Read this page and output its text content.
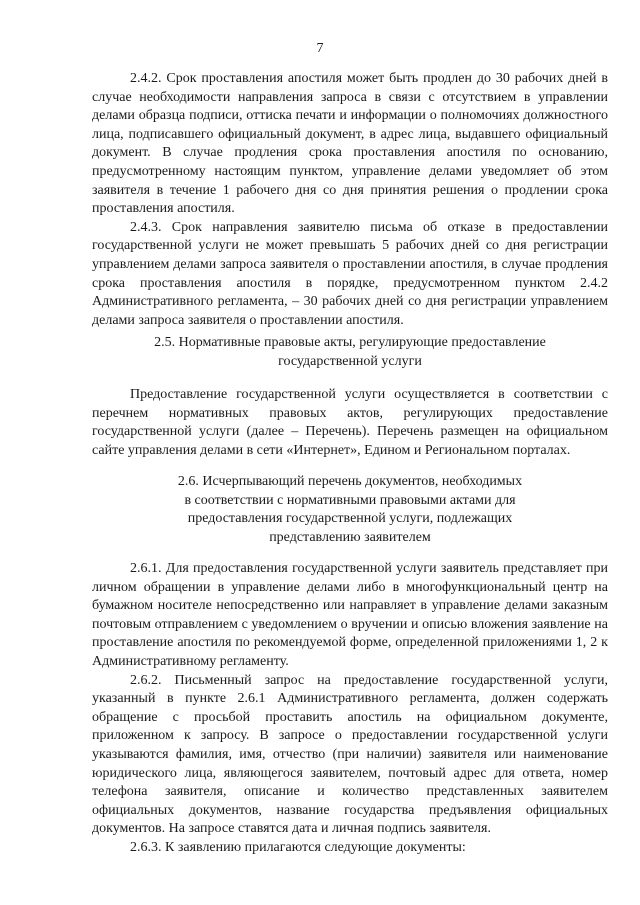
7

2.4.2. Срок проставления апостиля может быть продлен до 30 рабочих дней в случае необходимости направления запроса в связи с отсутствием в управлении делами образца подписи, оттиска печати и информации о полномочиях должностного лица, подписавшего официальный документ, в адрес лица, выдавшего официальный документ. В случае продления срока проставления апостиля по основанию, предусмотренному настоящим пунктом, управление делами уведомляет об этом заявителя в течение 1 рабочего дня со дня принятия решения о продлении срока проставления апостиля.

2.4.3. Срок направления заявителю письма об отказе в предоставлении государственной услуги не может превышать 5 рабочих дней со дня регистрации управлением делами запроса заявителя о проставлении апостиля, в случае продления срока проставления апостиля в порядке, предусмотренном пунктом 2.4.2 Административного регламента, – 30 рабочих дней со дня регистрации управлением делами запроса заявителя о проставлении апостиля.

2.5. Нормативные правовые акты, регулирующие предоставление
государственной услуги

Предоставление государственной услуги осуществляется в соответствии с перечнем нормативных правовых актов, регулирующих предоставление государственной услуги (далее – Перечень). Перечень размещен на официальном сайте управления делами в сети «Интернет», Едином и Региональном порталах.

2.6. Исчерпывающий перечень документов, необходимых
в соответствии с нормативными правовыми актами для
предоставления государственной услуги, подлежащих
представлению заявителем

2.6.1. Для предоставления государственной услуги заявитель представляет при личном обращении в управление делами либо в многофункциональный центр на бумажном носителе непосредственно или направляет в управление делами заказным почтовым отправлением с уведомлением о вручении и описью вложения заявление на проставление апостиля по рекомендуемой форме, определенной приложениями 1, 2 к Административному регламенту.

2.6.2. Письменный запрос на предоставление государственной услуги, указанный в пункте 2.6.1 Административного регламента, должен содержать обращение с просьбой проставить апостиль на официальном документе, приложенном к запросу. В запросе о предоставлении государственной услуги указываются фамилия, имя, отчество (при наличии) заявителя или наименование юридического лица, являющегося заявителем, почтовый адрес для ответа, номер телефона заявителя, описание и количество представленных заявителем официальных документов, название государства предъявления официальных документов. На запросе ставятся дата и личная подпись заявителя.

2.6.3. К заявлению прилагаются следующие документы:
